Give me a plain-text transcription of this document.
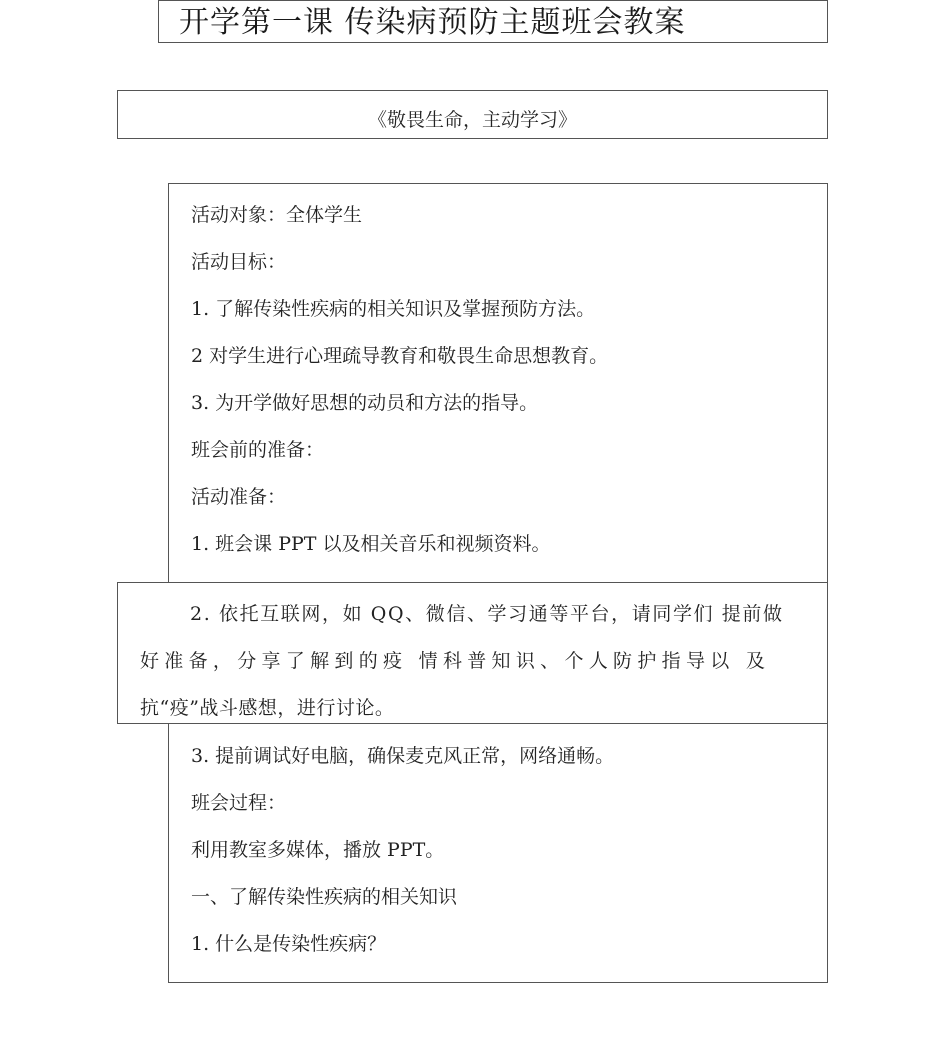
开学第一课 传染病预防主题班会教案
《敬畏生命，主动学习》
活动对象：全体学生
活动目标：
1. 了解传染性疾病的相关知识及掌握预防方法。
2 对学生进行心理疏导教育和敬畏生命思想教育。
3. 为开学做好思想的动员和方法的指导。
班会前的准备：
活动准备：
1. 班会课 PPT 以及相关音乐和视频资料。
3. 提前调试好电脑，确保麦克风正常，网络通畅。
班会过程：
利用教室多媒体，播放 PPT。
一、了解传染性疾病的相关知识
1. 什么是传染性疾病？
2. 依托互联网，如 QQ、微信、学习通等平台，请同学们 提前做
好准备，分享了解到的疫 情科普知识、个人防护指导以 及
抗“疫”战斗感想，进行讨论。
